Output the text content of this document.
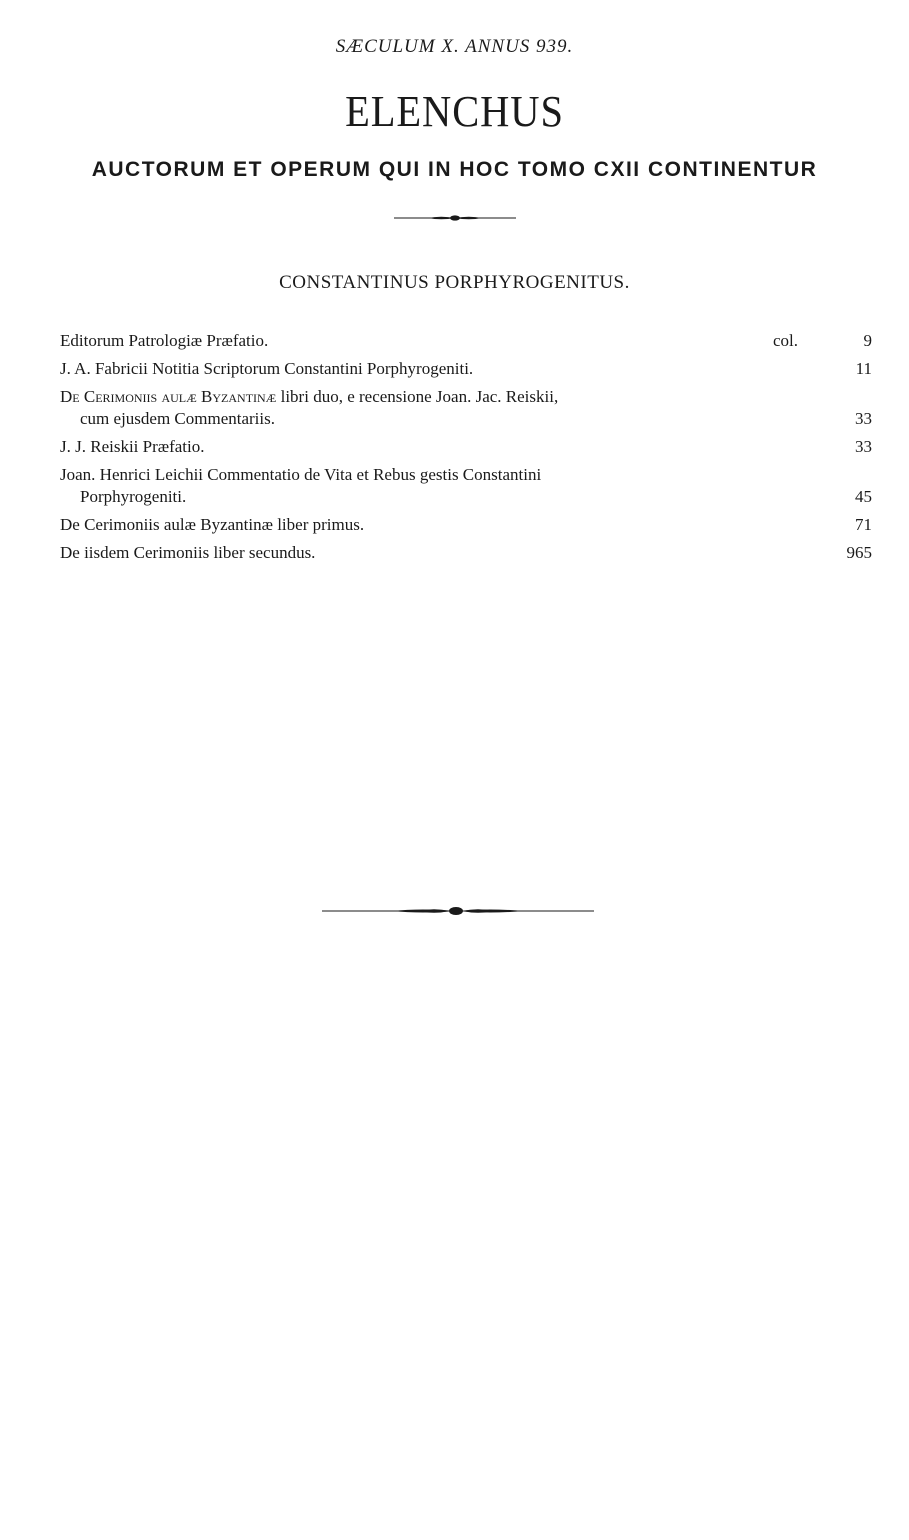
SÆCULUM X. ANNUS 939.
ELENCHUS
AUCTORUM ET OPERUM QUI IN HOC TOMO CXII CONTINENTUR
CONSTANTINUS PORPHYROGENITUS.
Editorum Patrologiæ Præfatio.	col.	9
J. A. Fabricii Notitia Scriptorum Constantini Porphyrogeniti.	11
De Cerimoniis aulæ Byzantinæ libri duo, e recensione Joan. Jac. Reiskii,
cum ejusdem Commentariis.	33
J. J. Reiskii Præfatio.	33
Joan. Henrici Leichii Commentatio de Vita et Rebus gestis Constantini
Porphyrogeniti.	45
De Cerimoniis aulæ Byzantinæ liber primus.	71
De iisdem Cerimoniis liber secundus.	965
